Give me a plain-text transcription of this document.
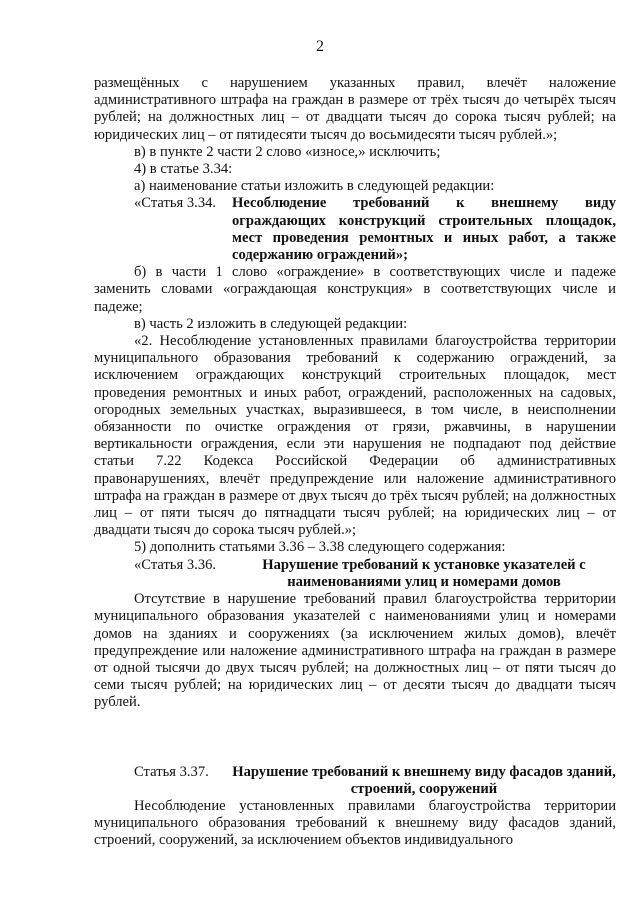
2

размещённых с нарушением указанных правил, влечёт наложение административного штрафа на граждан в размере от трёх тысяч до четырёх тысяч рублей; на должностных лиц – от двадцати тысяч до сорока тысяч рублей; на юридических лиц – от пятидесяти тысяч до восьмидесяти тысяч рублей.»;

в) в пункте 2 части 2 слово «износе,» исключить;

4) в статье 3.34:

а) наименование статьи изложить в следующей редакции:

«Статья 3.34.	Несоблюдение требований к внешнему виду ограждающих конструкций строительных площадок, мест проведения ремонтных и иных работ, а также содержанию ограждений»;

б) в части 1 слово «ограждение» в соответствующих числе и падеже заменить словами «ограждающая конструкция» в соответствующих числе и падеже;

в) часть 2 изложить в следующей редакции:

«2. Несоблюдение установленных правилами благоустройства территории муниципального образования требований к содержанию ограждений, за исключением ограждающих конструкций строительных площадок, мест проведения ремонтных и иных работ, ограждений, расположенных на садовых, огородных земельных участках, выразившееся, в том числе, в неисполнении обязанности по очистке ограждения от грязи, ржавчины, в нарушении вертикальности ограждения, если эти нарушения не подпадают под действие статьи 7.22 Кодекса Российской Федерации об административных правонарушениях, влечёт предупреждение или наложение административного штрафа на граждан в размере от двух тысяч до трёх тысяч рублей; на должностных лиц – от пяти тысяч до пятнадцати тысяч рублей; на юридических лиц – от двадцати тысяч до сорока тысяч рублей.»;

5) дополнить статьями 3.36 – 3.38 следующего содержания:

«Статья 3.36.	Нарушение требований к установке указателей с наименованиями улиц и номерами домов

Отсутствие в нарушение требований правил благоустройства территории муниципального образования указателей с наименованиями улиц и номерами домов на зданиях и сооружениях (за исключением жилых домов), влечёт предупреждение или наложение административного штрафа на граждан в размере от одной тысячи до двух тысяч рублей; на должностных лиц – от пяти тысяч до семи тысяч рублей; на юридических лиц – от десяти тысяч до двадцати тысяч рублей.

Статья 3.37.	Нарушение требований к внешнему виду фасадов зданий, строений, сооружений

Несоблюдение установленных правилами благоустройства территории муниципального образования требований к внешнему виду фасадов зданий, строений, сооружений, за исключением объектов индивидуального
